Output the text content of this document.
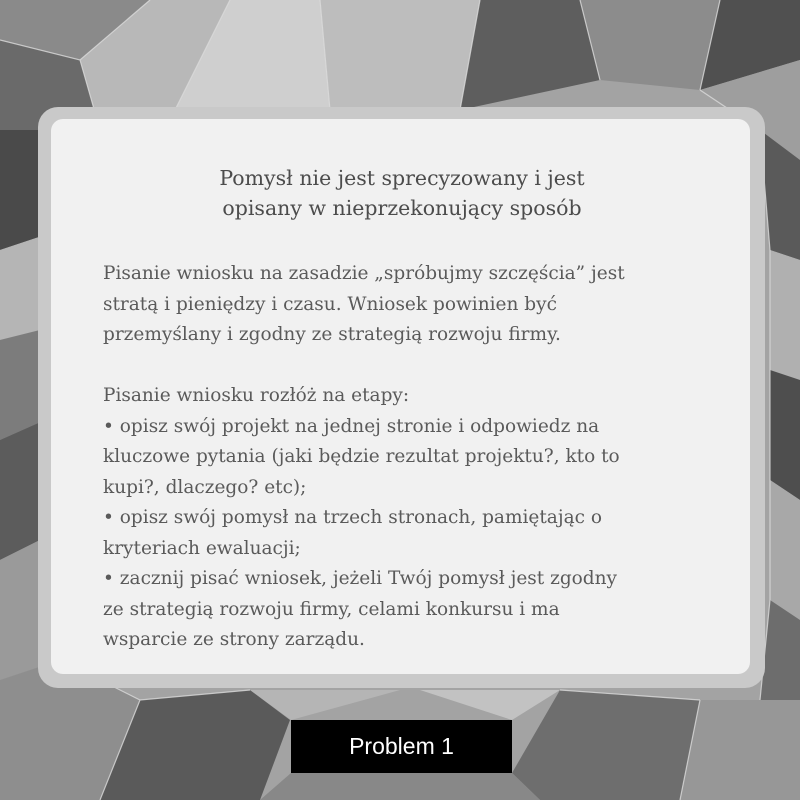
Pomysł nie jest sprecyzowany i jest
opisany w nieprzekonujący sposób
Pisanie wniosku na zasadzie „spróbujmy szczęścia” jest
stratą i pieniędzy i czasu. Wniosek powinien być
przemyślany i zgodny ze strategią rozwoju firmy.

Pisanie wniosku rozłóż na etapy:
• opisz swój projekt na jednej stronie i odpowiedz na
kluczowe pytania (jaki będzie rezultat projektu?, kto to
kupi?, dlaczego? etc);
• opisz swój pomysł na trzech stronach, pamiętając o
kryteriach ewaluacji;
• zacznij pisać wniosek, jeżeli Twój pomysł jest zgodny
ze strategią rozwoju firmy, celami konkursu i ma
wsparcie ze strony zarządu.
Problem 1
